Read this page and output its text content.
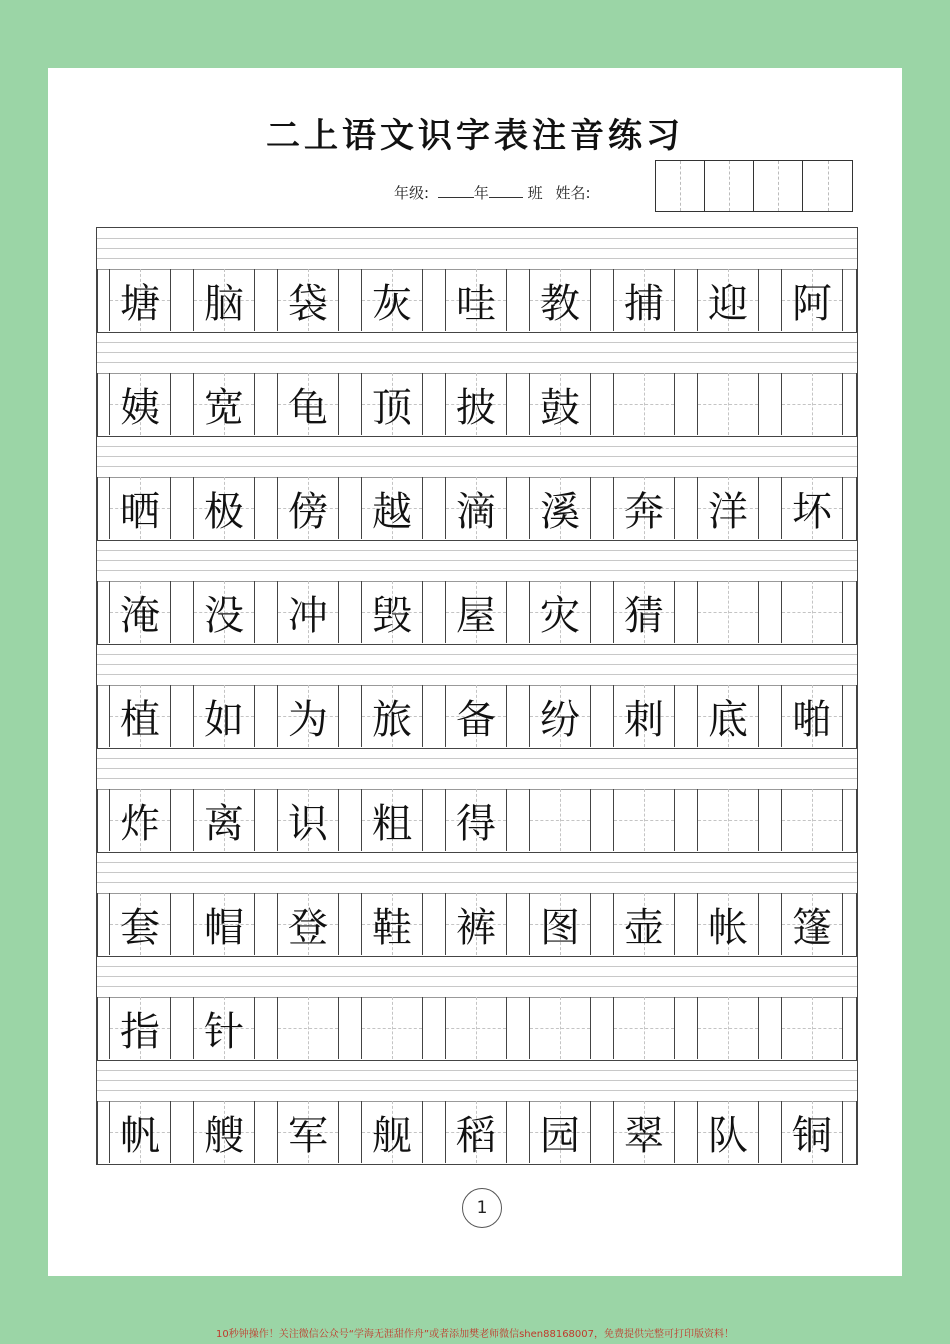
二上语文识字表注音练习
年级:	年	班 姓名:
塘 脑 袋 灰 哇 教 捕 迎 阿
姨 宽 龟 顶 披 鼓
晒 极 傍 越 滴 溪 奔 洋 坏
淹 没 冲 毁 屋 灾 猜
植 如 为 旅 备 纷 刺 底 啪
炸 离 识 粗 得
套 帽 登 鞋 裤 图 壶 帐 篷
指 针
帆 艘 军 舰 稻 园 翠 队 铜
1
10秒钟操作！关注微信公众号“学海无涯甜作舟”或者添加樊老师微信shen88168007，免费提供完整可打印版资料！
